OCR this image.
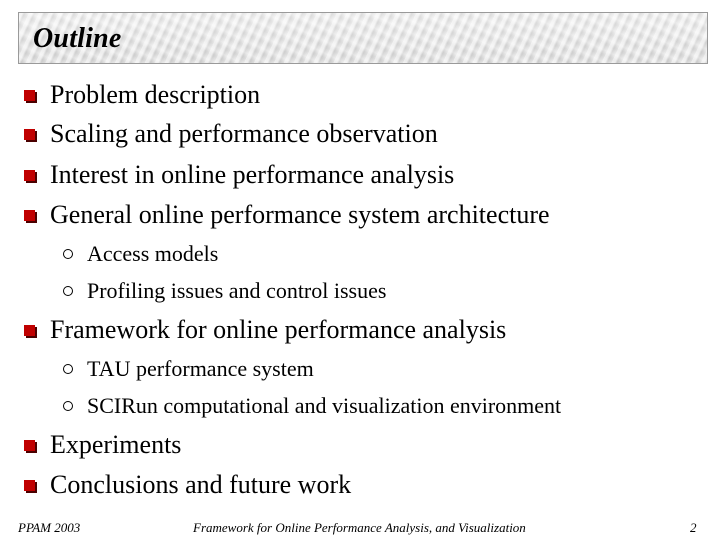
Outline
Problem description
Scaling and performance observation
Interest in online performance analysis
General online performance system architecture
Access models
Profiling issues and control issues
Framework for online performance analysis
TAU performance system
SCIRun computational and visualization environment
Experiments
Conclusions and future work
PPAM 2003	Framework for Online Performance Analysis, and Visualization	2
